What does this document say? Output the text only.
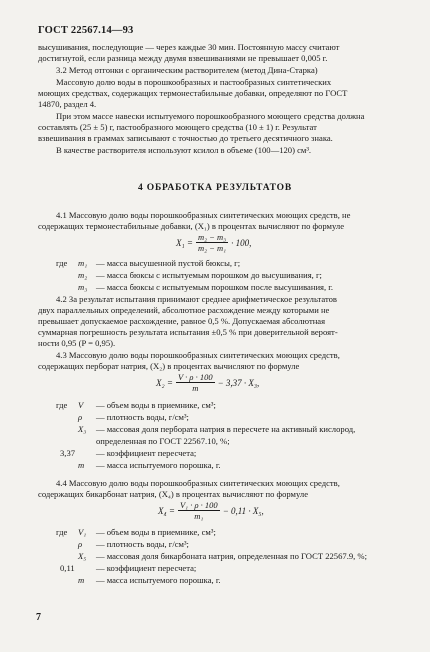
ГОСТ 22567.14—93
высушивания, последующие — через каждые 30 мин. Постоянную массу считают
достигнутой, если разница между двумя взвешиваниями не превышает 0,005 г.
3.2 Метод отгонки с органическим растворителем (метод Дина-Старка)
Массовую долю воды в порошкообразных и пастообразных синтетических
моющих средствах, содержащих термонестабильные добавки, определяют по ГОСТ
14870, раздел 4.
При этом массе навески испытуемого порошкообразного моющего средства должна
составлять (25 ± 5) г, пастообразного моющего средства (10 ± 1) г. Результат
взвешивания в граммах записывают с точностью до третьего десятичного знака.
В качестве растворителя используют ксилол в объеме (100—120) см³.
4 ОБРАБОТКА РЕЗУЛЬТАТОВ
4.1 Массовую долю воды порошкообразных синтетических моющих средств, не
содержащих термонестабильные добавки, (X₁) в процентах вычисляют по формуле
$X_1 = \frac{\text{m₂ − m₃}}{\text{m₂ − m₁}} \cdot 100$,
где	m₁	— масса высушенной пустой бюксы, г;
m₂	— масса бюксы с испытуемым порошком до высушивания, г;
m₃	— масса бюксы с испытуемым порошком после высушивания, г.
4.2 За результат испытания принимают среднее арифметическое результатов
двух параллельных определений, абсолютное расхождение между которыми не
превышает допускаемое расхождение, равное 0,5 %. Допускаемая абсолютная
суммарная погрешность результата испытания ±0,5 % при доверительной вероят-
ности 0,95 (P = 0,95).
4.3 Массовую долю воды порошкообразных синтетических моющих средств,
содержащих перборат натрия, (X₂) в процентах вычисляют по формуле
$X_2 = \frac{V \cdot \rho \cdot 100}{m} - 3,37 \cdot X_3$,
где	V	— объем воды в приемнике, см³;
ρ	— плотность воды, г/см³;
X₃	— массовая доля пербората натрия в пересчете на активный кислород,
определенная по ГОСТ 22567.10, %;
3,37	— коэффициент пересчета;
m	— масса испытуемого порошка, г.
4.4 Массовую долю воды порошкообразных синтетических моющих средств,
содержащих бикарбонат натрия, (X₄) в процентах вычисляют по формуле
$X_4 = \frac{\text{V₁ · ρ · 100}}{\text{m₁}} - 0,11 \cdot X_5$,
где	V₁	— объем воды в приемнике, см³;
ρ	— плотность воды, г/см³;
X₅	— массовая доля бикарбоната натрия, определенная по ГОСТ 22567.9, %;
0,11	— коэффициент пересчета;
m	— масса испытуемого порошка, г.
7
